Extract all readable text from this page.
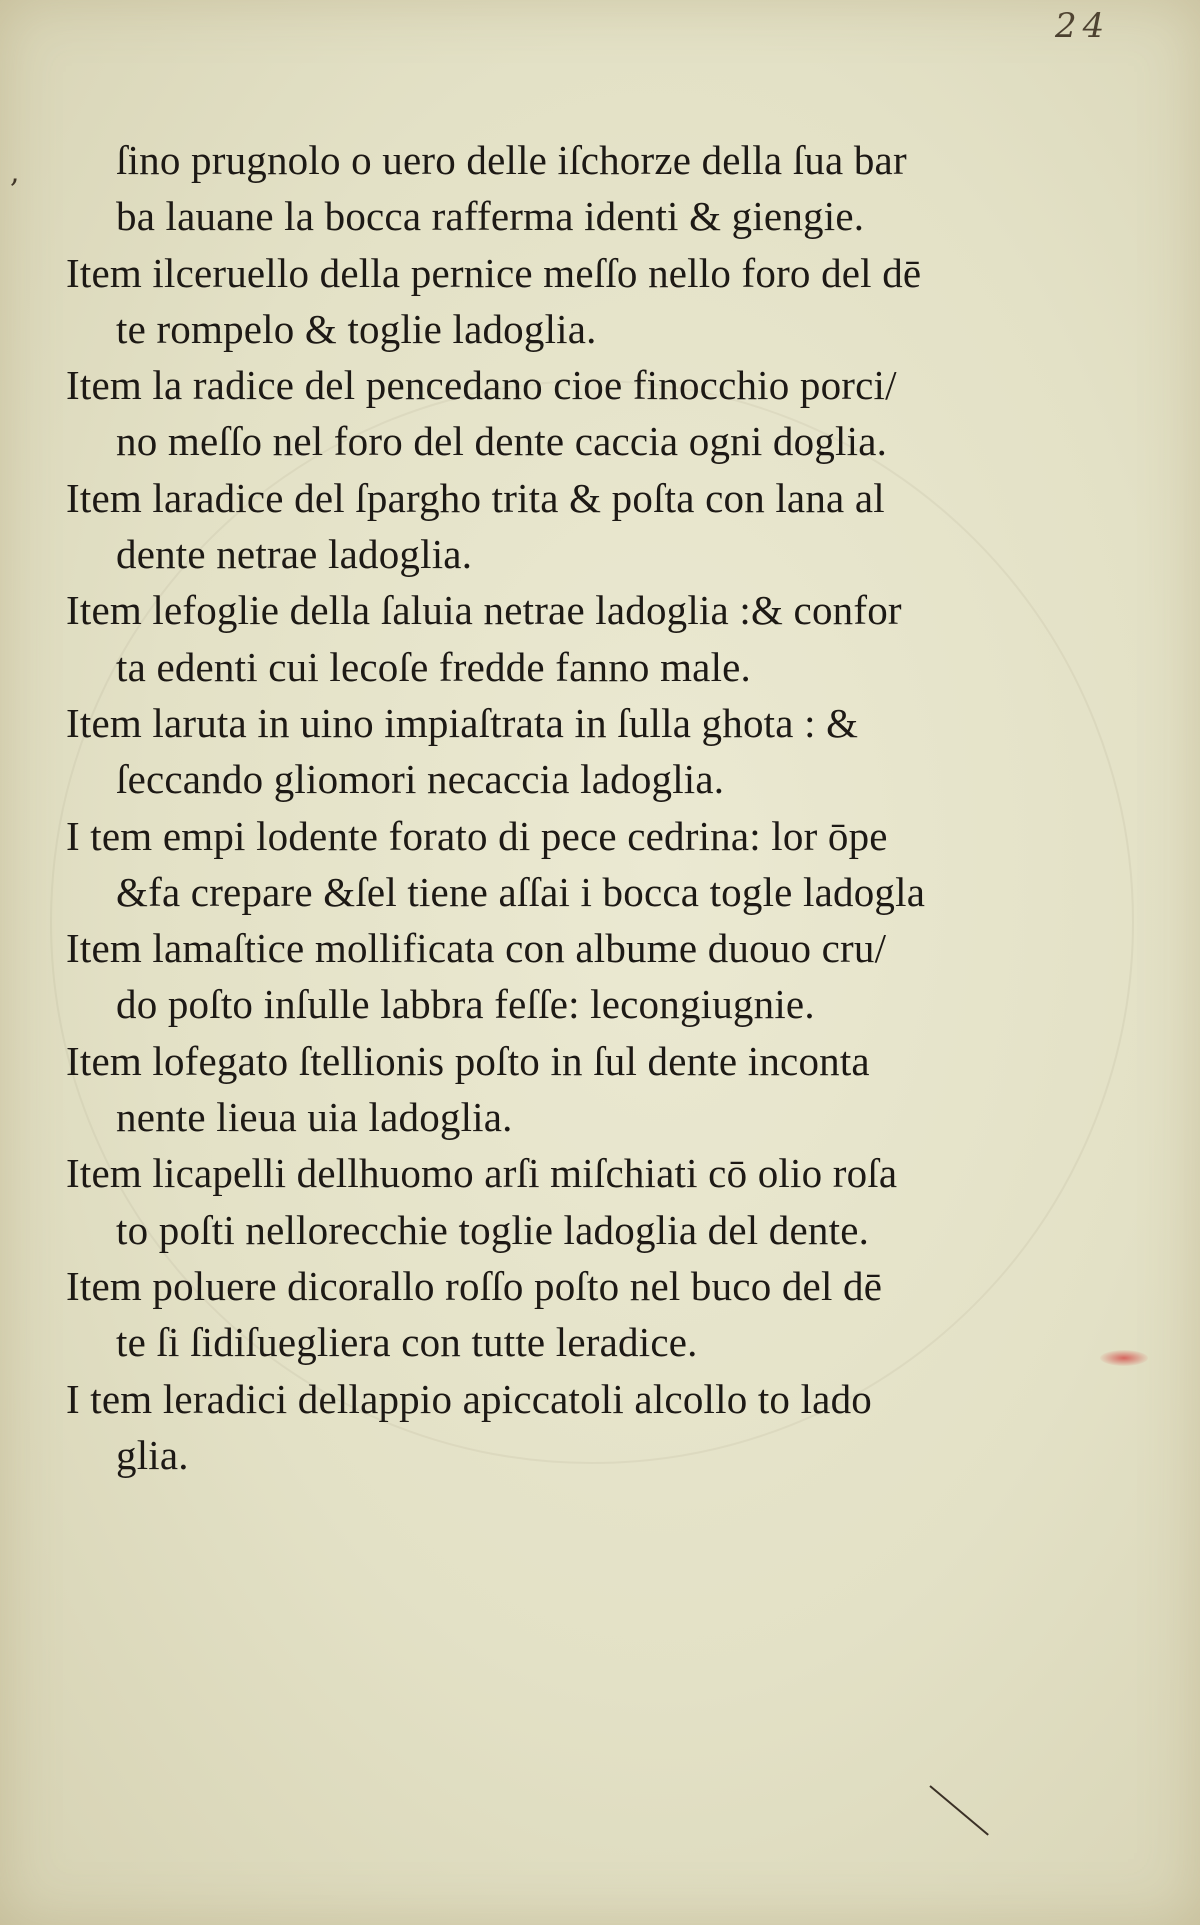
24
,	ſino prugnolo o uero delle iſchorze della ſua bar
ba lauane la bocca rafferma identi & giengie.
Item ilceruello della pernice meſſo nello foro del dē
te rompelo & toglie ladoglia.
Item la radice del pencedano cioe finocchio porci/
no meſſo nel foro del dente caccia ogni doglia.
Item laradice del ſpargho trita & poſta con lana al
dente netrae ladoglia.
Item lefoglie della ſaluia netrae ladoglia :& confor
ta edenti cui lecoſe fredde fanno male.
Item laruta in uino impiaſtrata in ſulla ghota : &
ſeccando gliomori necaccia ladoglia.
I tem empi lodente forato di pece cedrina: lor ōpe
&fa crepare &ſel tiene aſſai i bocca togle ladogla
Item lamaſtice mollificata con albume duouo cru/
do poſto inſulle labbra feſſe: lecongiugnie.
Item lofegato ſtellionis poſto in ſul dente inconta
nente lieua uia ladoglia.
Item licapelli dellhuomo arſi miſchiati cō olio roſa
to poſti nellorecchie toglie ladoglia del dente.
Item poluere dicorallo roſſo poſto nel buco del dē
te ſi ſidiſuegliera con tutte leradice.
I tem leradici dellappio apiccatoli alcollo to lado
glia.
